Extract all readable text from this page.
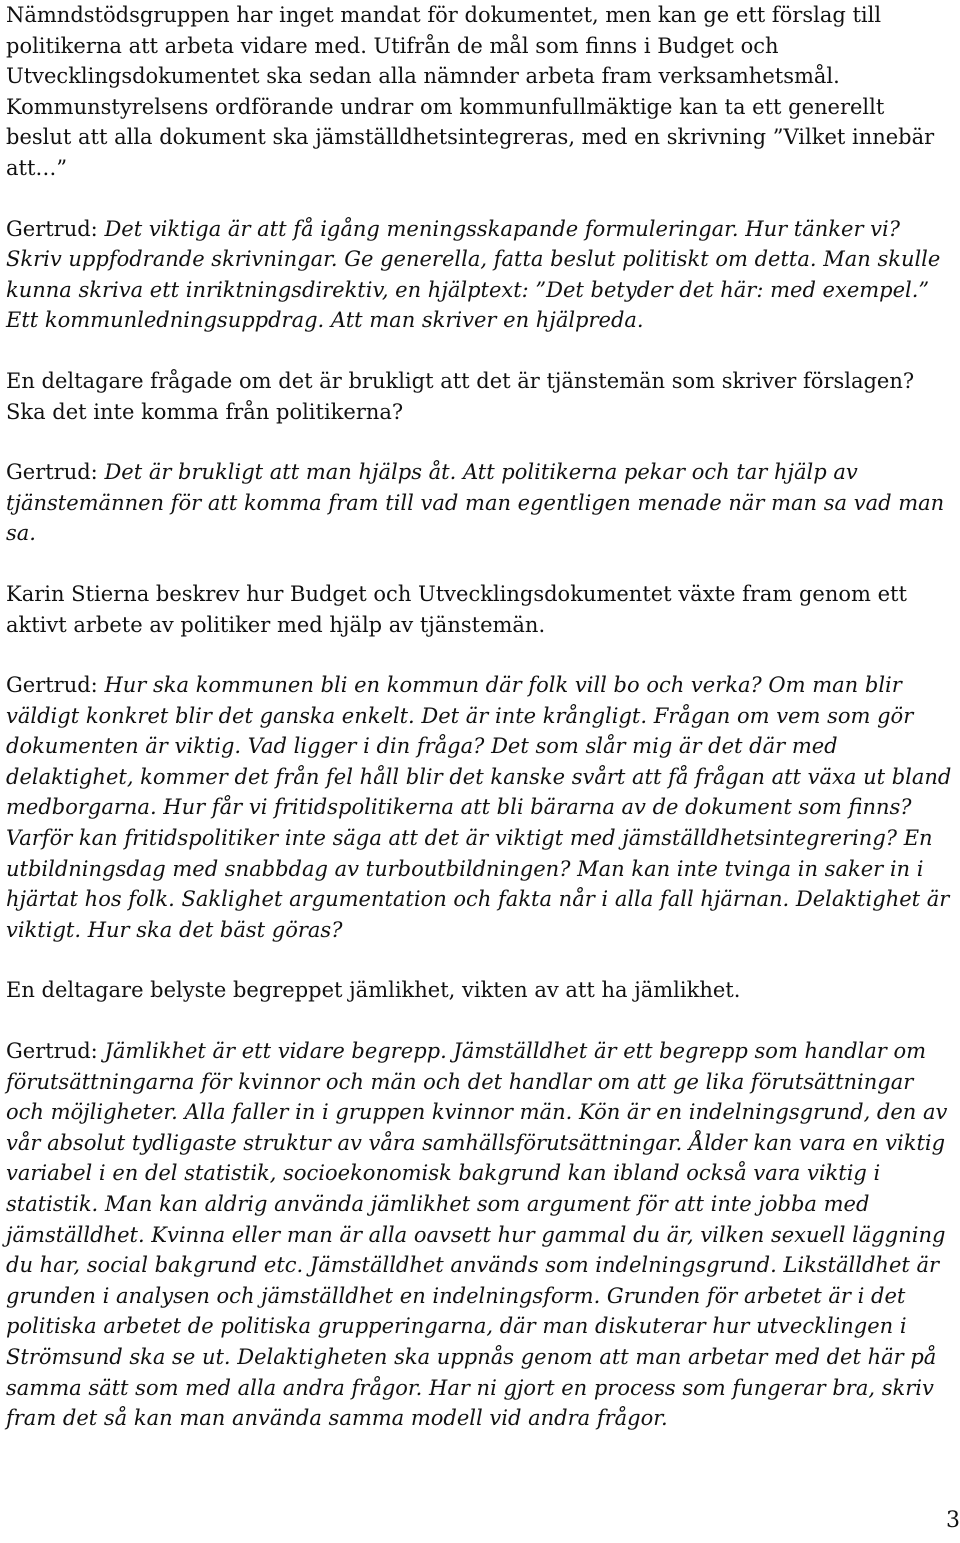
Nämndstödsgruppen har inget mandat för dokumentet, men kan ge ett förslag till politikerna att arbeta vidare med. Utifrån de mål som finns i Budget och Utvecklingsdokumentet ska sedan alla nämnder arbeta fram verksamhetsmål. Kommunstyrelsens ordförande undrar om kommunfullmäktige kan ta ett generellt beslut att alla dokument ska jämställdhetsintegreras, med en skrivning ”Vilket innebär att…”

Gertrud: Det viktiga är att få igång meningsskapande formuleringar. Hur tänker vi? Skriv uppfodrande skrivningar. Ge generella, fatta beslut politiskt om detta. Man skulle kunna skriva ett inriktningsdirektiv, en hjälptext: ”Det betyder det här: med exempel.” Ett kommunledningsuppdrag. Att man skriver en hjälpreda.

En deltagare frågade om det är brukligt att det är tjänstemän som skriver förslagen? Ska det inte komma från politikerna?

Gertrud: Det är brukligt att man hjälps åt. Att politikerna pekar och tar hjälp av tjänstemännen för att komma fram till vad man egentligen menade när man sa vad man sa.

Karin Stierna beskrev hur Budget och Utvecklingsdokumentet växte fram genom ett aktivt arbete av politiker med hjälp av tjänstemän.

Gertrud: Hur ska kommunen bli en kommun där folk vill bo och verka? Om man blir väldigt konkret blir det ganska enkelt. Det är inte krångligt. Frågan om vem som gör dokumenten är viktig. Vad ligger i din fråga? Det som slår mig är det där med delaktighet, kommer det från fel håll blir det kanske svårt att få frågan att växa ut bland medborgarna. Hur får vi fritidspolitikerna att bli bärarna av de dokument som finns? Varför kan fritidspolitiker inte säga att det är viktigt med jämställdhetsintegrering? En utbildningsdag med snabbdag av turboutbildningen? Man kan inte tvinga in saker in i hjärtat hos folk. Saklighet argumentation och fakta når i alla fall hjärnan. Delaktighet är viktigt. Hur ska det bäst göras?

En deltagare belyste begreppet jämlikhet, vikten av att ha jämlikhet.

Gertrud: Jämlikhet är ett vidare begrepp. Jämställdhet är ett begrepp som handlar om förutsättningarna för kvinnor och män och det handlar om att ge lika förutsättningar och möjligheter. Alla faller in i gruppen kvinnor män. Kön är en indelningsgrund, den av vår absolut tydligaste struktur av våra samhällsförutsättningar. Ålder kan vara en viktig variabel i en del statistik, socioekonomisk bakgrund kan ibland också vara viktig i statistik. Man kan aldrig använda jämlikhet som argument för att inte jobba med jämställdhet. Kvinna eller man är alla oavsett hur gammal du är, vilken sexuell läggning du har, social bakgrund etc. Jämställdhet används som indelningsgrund. Likställdhet är grunden i analysen och jämställdhet en indelningsform. Grunden för arbetet är i det politiska arbetet de politiska grupperingarna, där man diskuterar hur utvecklingen i Strömsund ska se ut. Delaktigheten ska uppnås genom att man arbetar med det här på samma sätt som med alla andra frågor. Har ni gjort en process som fungerar bra, skriv fram det så kan man använda samma modell vid andra frågor.

3
